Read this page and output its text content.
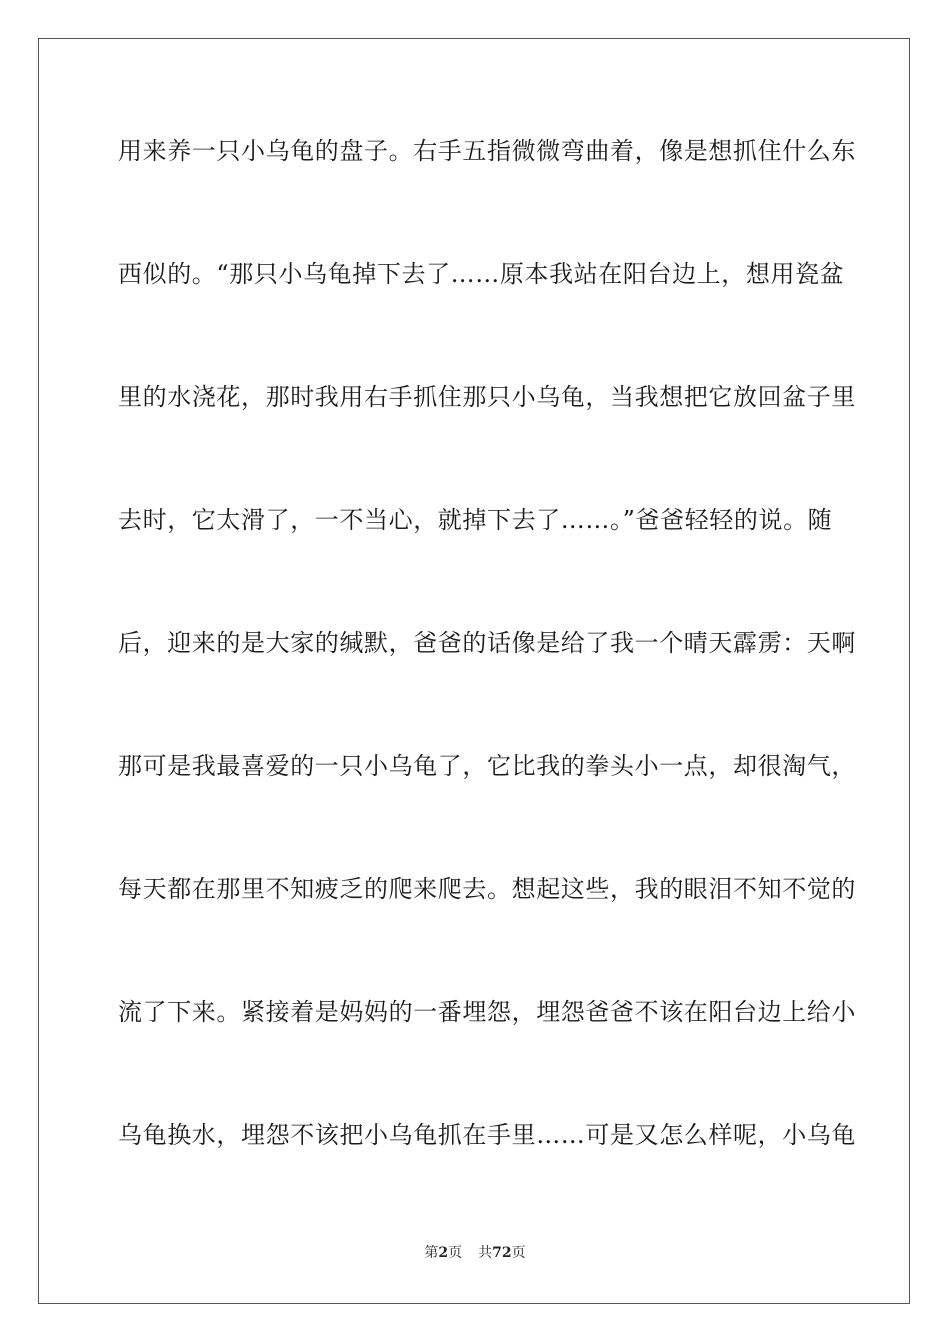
用来养一只小乌龟的盘子。右手五指微微弯曲着，像是想抓住什么东
西似的。“那只小乌龟掉下去了……原本我站在阳台边上，想用瓷盆
里的水浇花，那时我用右手抓住那只小乌龟，当我想把它放回盆子里
去时，它太滑了，一不当心，就掉下去了……。”爸爸轻轻的说。随
后，迎来的是大家的缄默，爸爸的话像是给了我一个晴天霹雳：天啊
那可是我最喜爱的一只小乌龟了，它比我的拳头小一点，却很淘气，
每天都在那里不知疲乏的爬来爬去。想起这些，我的眼泪不知不觉的
流了下来。紧接着是妈妈的一番埋怨，埋怨爸爸不该在阳台边上给小
乌龟换水，埋怨不该把小乌龟抓在手里……可是又怎么样呢，小乌龟
第2页 共72页
